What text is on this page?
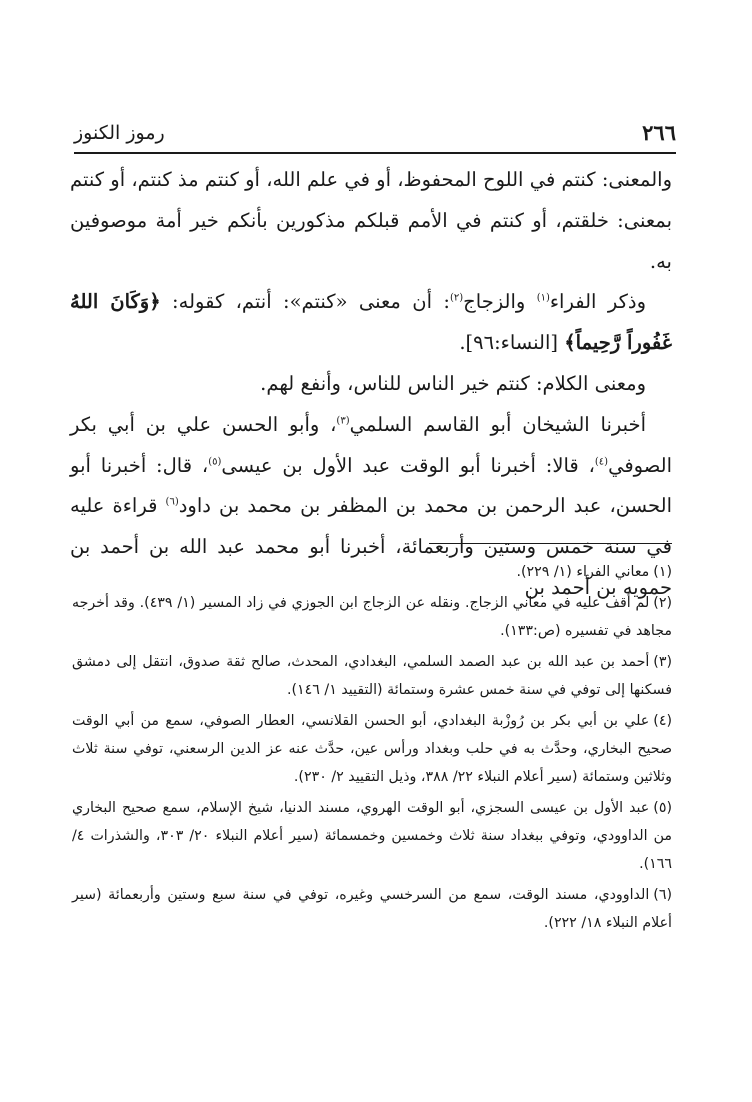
٢٦٦
رموز الكنوز

والمعنى: كنتم في اللوح المحفوظ، أو في علم الله، أو كنتم مذ كنتم، أو كنتم بمعنى: خلقتم، أو كنتم في الأمم قبلكم مذكورين بأنكم خير أمة موصوفين به.

وذكر الفراء$^{(١)}$ والزجاج$^{(٢)}$: أن معنى «كنتم»: أنتم، كقوله: ﴿وَكَانَ اللهُ غَفُوراً رَّحِيماً﴾ [النساء:٩٦].

ومعنى الكلام: كنتم خير الناس للناس، وأنفع لهم.

أخبرنا الشيخان أبو القاسم السلمي$^{(٣)}$، وأبو الحسن علي بن أبي بكر الصوفي$^{(٤)}$، قالا: أخبرنا أبو الوقت عبد الأول بن عيسى$^{(٥)}$، قال: أخبرنا أبو الحسن، عبد الرحمن بن محمد بن المظفر بن محمد بن داود$^{(٦)}$ قراءة عليه في سنة خمس وستين وأربعمائة، أخبرنا أبو محمد عبد الله بن أحمد بن حمويه بن أحمد بن

(١)معاني الفراء (١/ ٢٢٩).

(٢)لم أقف عليه في معاني الزجاج. ونقله عن الزجاج ابن الجوزي في زاد المسير (١/ ٤٣٩). وقد أخرجه مجاهد في تفسيره (ص:١٣٣).

(٣)أحمد بن عبد الله بن عبد الصمد السلمي، البغدادي، المحدث، صالح ثقة صدوق، انتقل إلى دمشق فسكنها إلى توفي في سنة خمس عشرة وستمائة (التقييد ١/ ١٤٦).

(٤)علي بن أبي بكر بن رُوزْبة البغدادي، أبو الحسن القلانسي، العطار الصوفي، سمع من أبي الوقت صحيح البخاري، وحدَّث به في حلب وبغداد ورأس عين، حدَّث عنه عز الدين الرسعني، توفي سنة ثلاث وثلاثين وستمائة (سير أعلام النبلاء ٢٢/ ٣٨٨، وذيل التقييد ٢/ ٢٣٠).

(٥)عبد الأول بن عيسى السجزي، أبو الوقت الهروي، مسند الدنيا، شيخ الإسلام، سمع صحيح البخاري من الداوودي، وتوفي ببغداد سنة ثلاث وخمسين وخمسمائة (سير أعلام النبلاء ٢٠/ ٣٠٣، والشذرات ٤/ ١٦٦).

(٦)الداوودي، مسند الوقت، سمع من السرخسي وغيره، توفي في سنة سبع وستين وأربعمائة (سير أعلام النبلاء ١٨/ ٢٢٢).
